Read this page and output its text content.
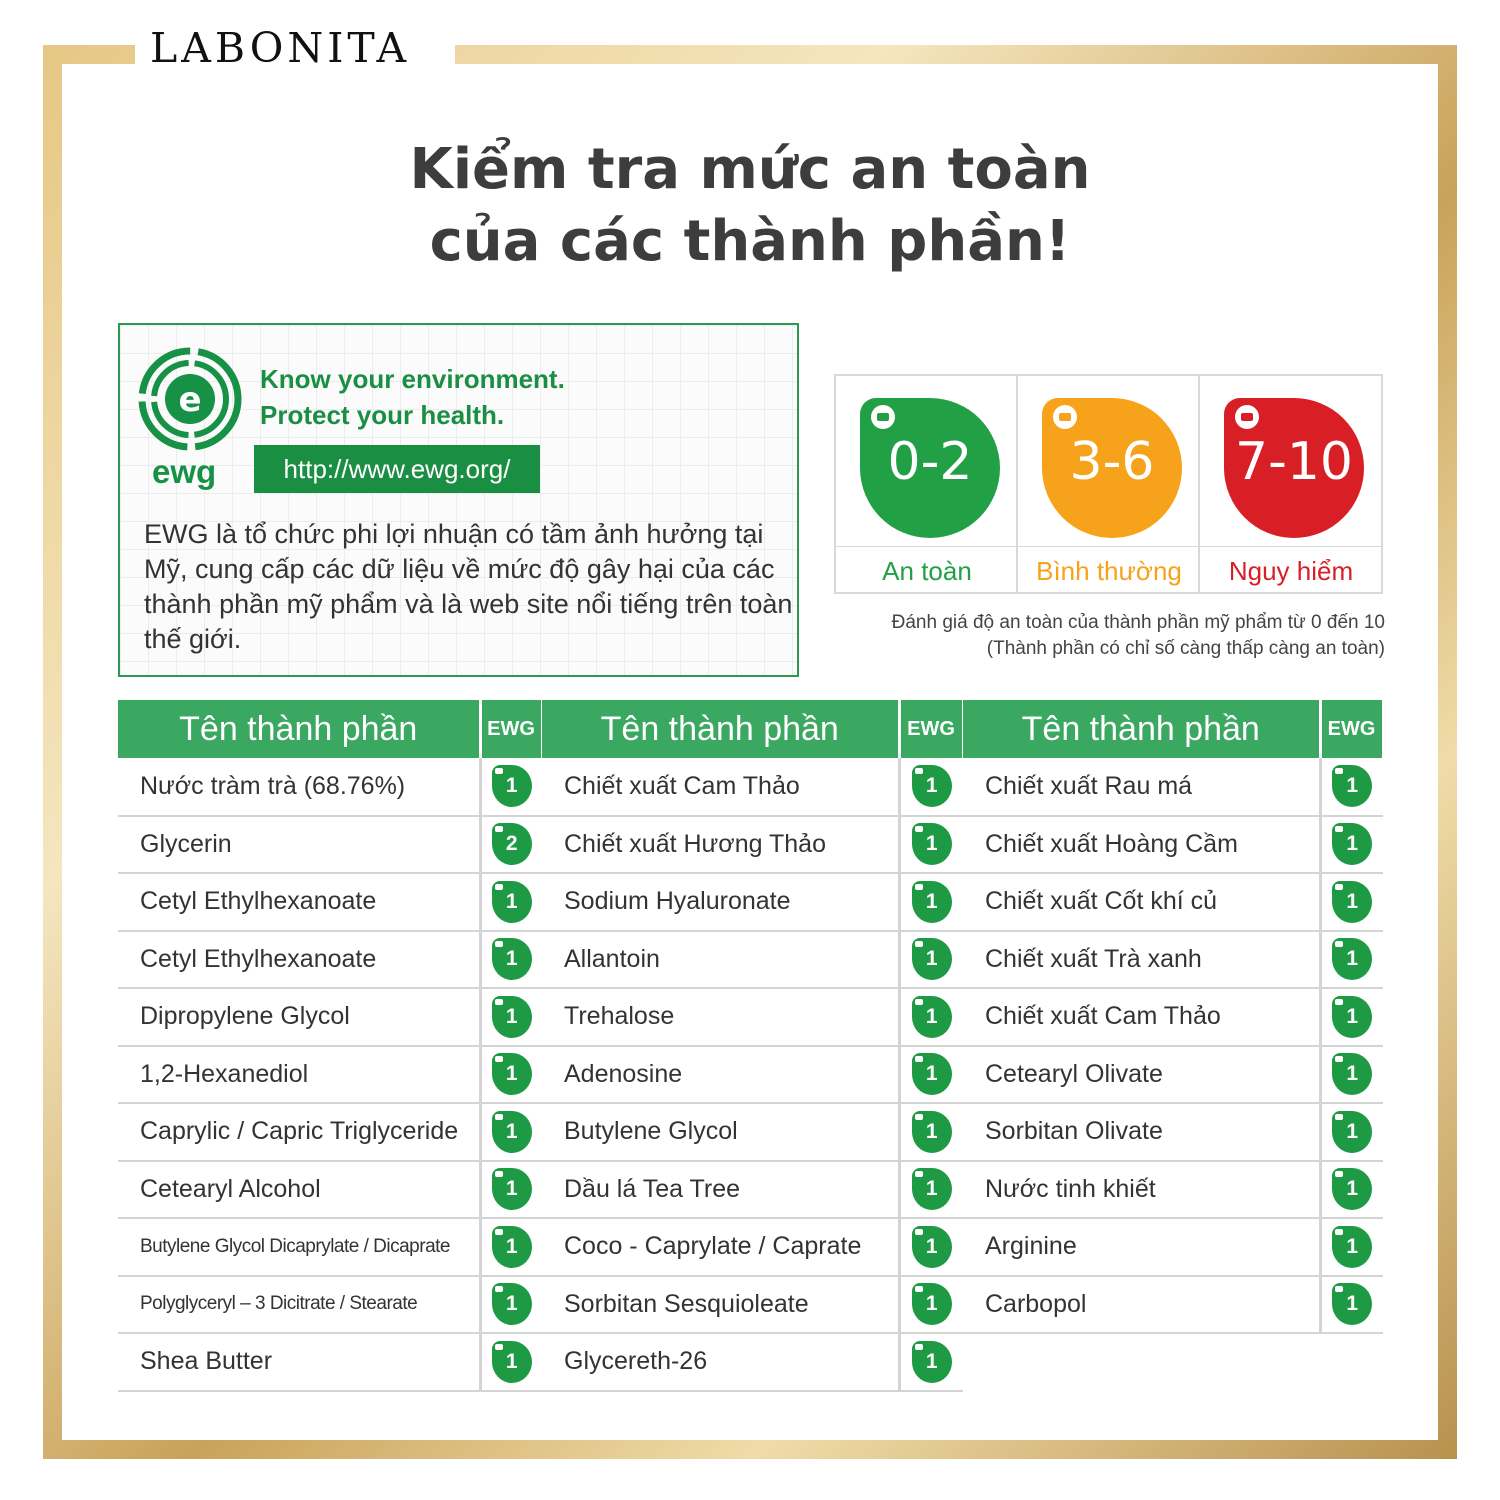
LABONITA
Kiểm tra mức an toàn
của các thành phần!
e
ewg
Know your environment.
Protect your health.
http://www.ewg.org/
EWG là tổ chức phi lợi nhuận có tầm ảnh hưởng tại Mỹ, cung cấp các dữ liệu về mức độ gây hại của các thành phần mỹ phẩm và là web site nổi tiếng trên toàn thế giới.
0-2
An toàn
3-6
Bình thường
7-10
Nguy hiểm
Đánh giá độ an toàn của thành phần mỹ phẩm từ 0 đến 10
(Thành phần có chỉ số càng thấp càng an toàn)
Tên thành phần	EWG
Nước tràm trà (68.76%)	1
Glycerin	2
Cetyl Ethylhexanoate	1
Cetyl Ethylhexanoate	1
Dipropylene Glycol	1
1,2-Hexanediol	1
Caprylic / Capric Triglyceride	1
Cetearyl Alcohol	1
Butylene Glycol Dicaprylate / Dicaprate	1
Polyglyceryl – 3 Dicitrate / Stearate	1
Shea Butter	1
Tên thành phần	EWG
Chiết xuất Cam Thảo	1
Chiết xuất Hương Thảo	1
Sodium Hyaluronate	1
Allantoin	1
Trehalose	1
Adenosine	1
Butylene Glycol	1
Dầu lá Tea Tree	1
Coco - Caprylate / Caprate	1
Sorbitan Sesquioleate	1
Glycereth-26	1
Tên thành phần	EWG
Chiết xuất Rau má	1
Chiết xuất Hoàng Cầm	1
Chiết xuất Cốt khí củ	1
Chiết xuất Trà xanh	1
Chiết xuất Cam Thảo	1
Cetearyl Olivate	1
Sorbitan Olivate	1
Nước tinh khiết	1
Arginine	1
Carbopol	1
